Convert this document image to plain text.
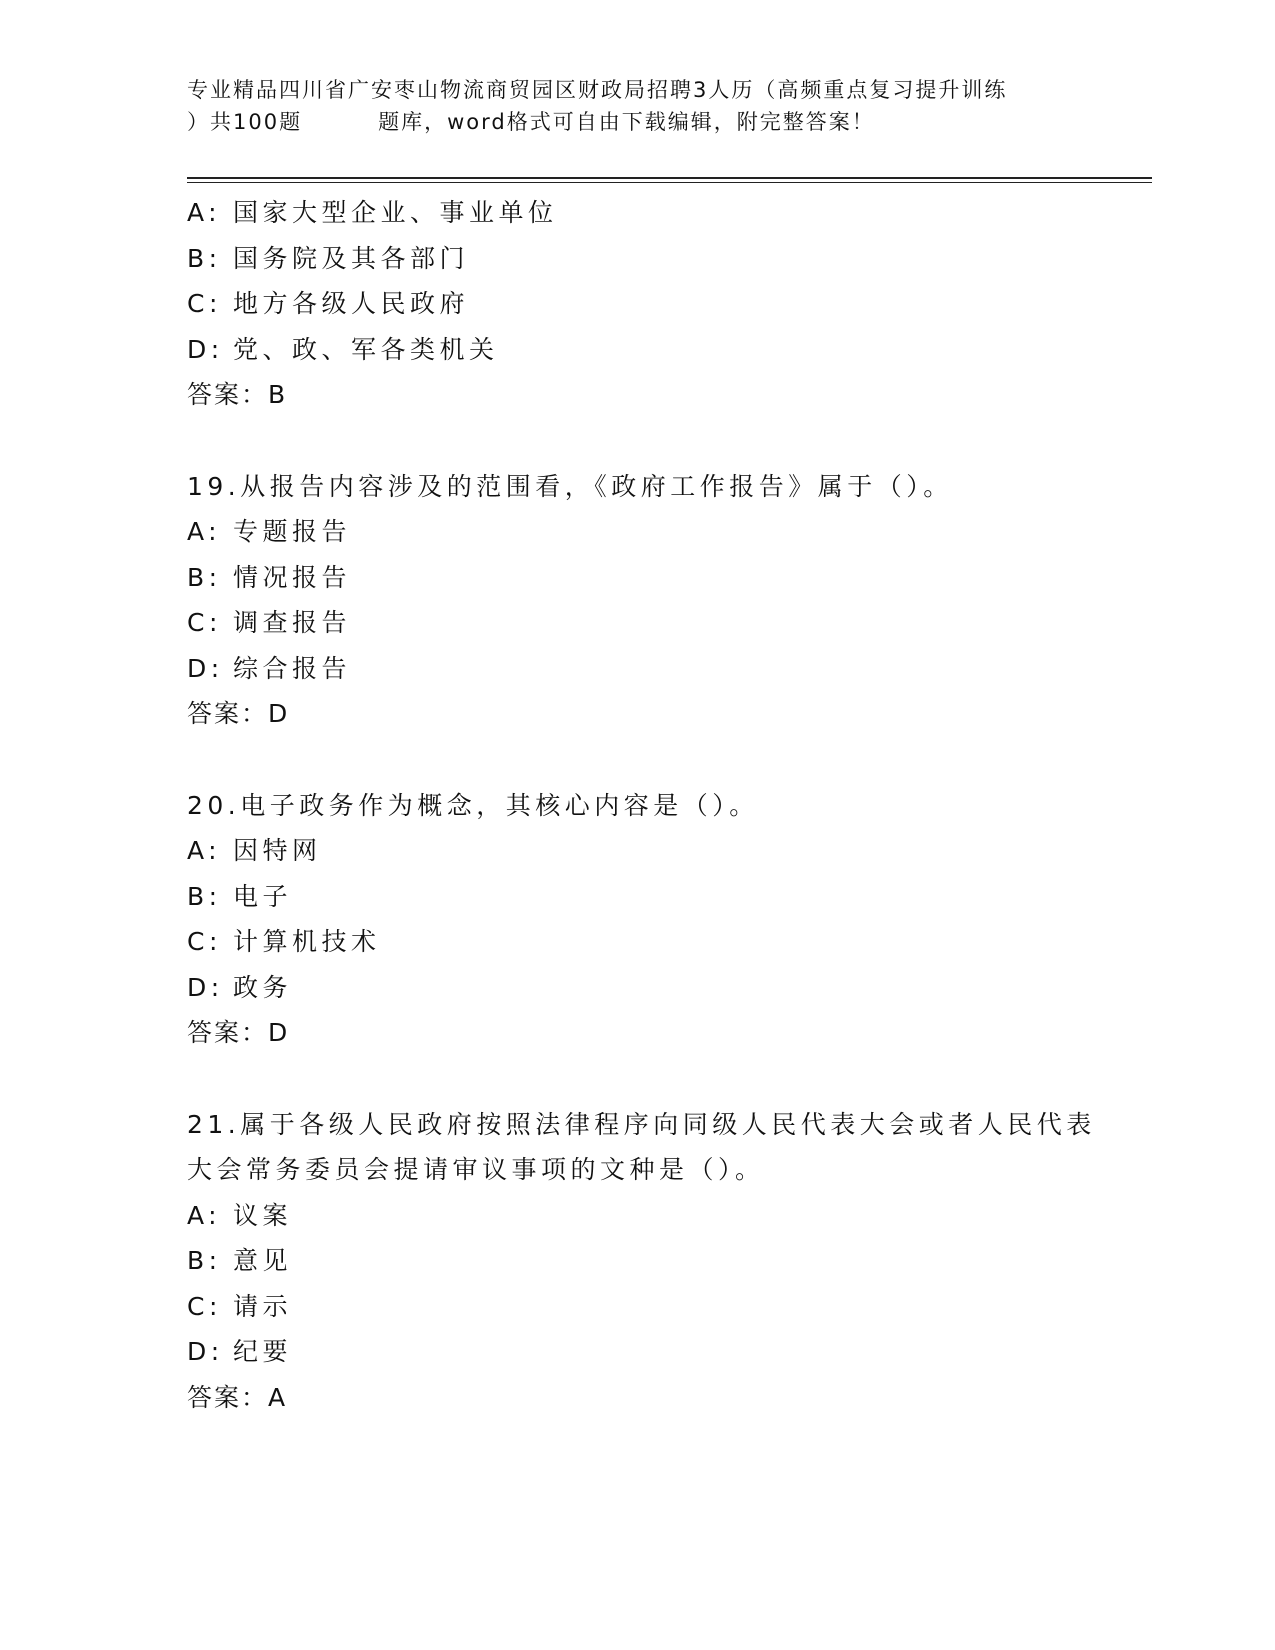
专业精品四川省广安枣山物流商贸园区财政局招聘3人历（高频重点复习提升训练
）共100题	题库，word格式可自由下载编辑，附完整答案！
A: 国家大型企业、事业单位
B: 国务院及其各部门
C: 地方各级人民政府
D: 党、政、军各类机关
答案：B
19.从报告内容涉及的范围看，《政府工作报告》属于（）。
A: 专题报告
B: 情况报告
C: 调查报告
D: 综合报告
答案：D
20.电子政务作为概念，其核心内容是（）。
A: 因特网
B: 电子
C: 计算机技术
D: 政务
答案：D
21.属于各级人民政府按照法律程序向同级人民代表大会或者人民代表
大会常务委员会提请审议事项的文种是（）。
A: 议案
B: 意见
C: 请示
D: 纪要
答案：A
